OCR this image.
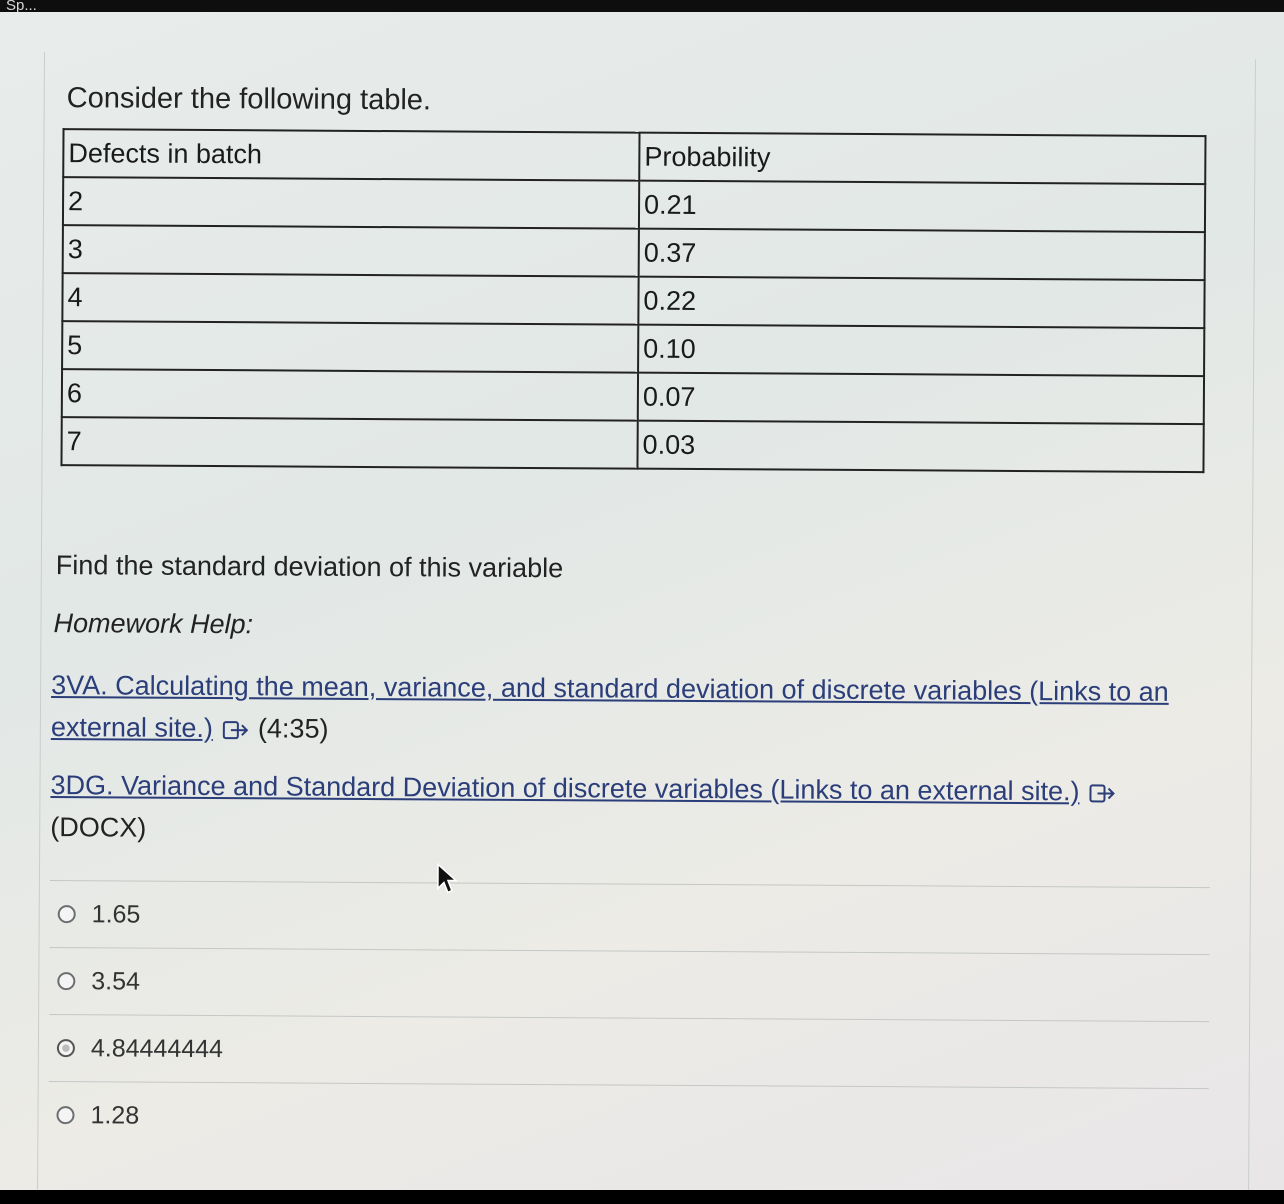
Sp...

Consider the following table.

Defects in batch	Probability
2	0.21
3	0.37
4	0.22
5	0.10
6	0.07
7	0.03

Find the standard deviation of this variable

Homework Help:

3VA. Calculating the mean, variance, and standard deviation of discrete variables (Links to an external site.) (4:35)
3DG. Variance and Standard Deviation of discrete variables (Links to an external site.)
(DOCX)
1.65
3.54
4.84444444
1.28
